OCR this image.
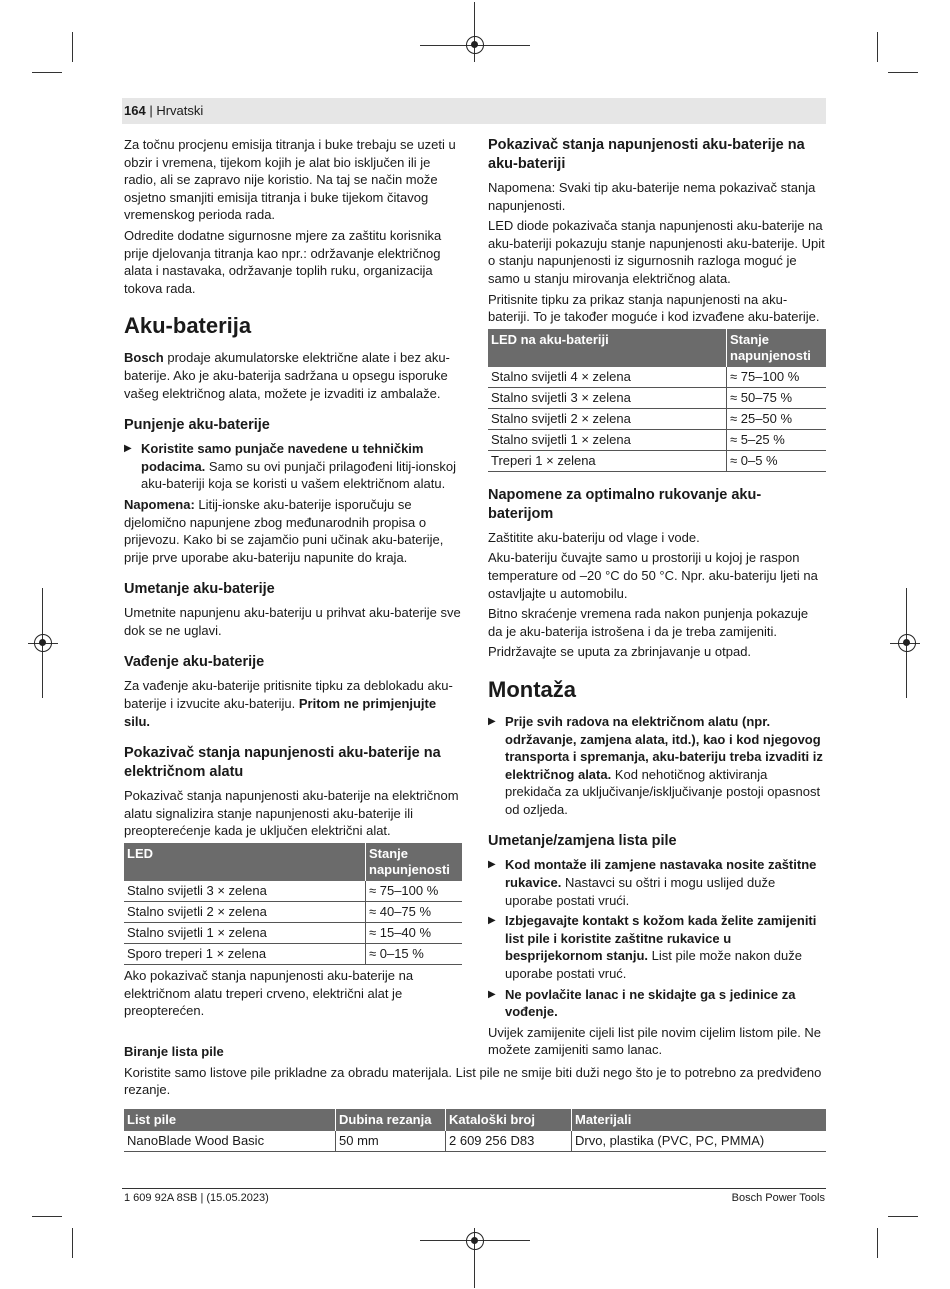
164 | Hrvatski

Za točnu procjenu emisija titranja i buke trebaju se uzeti u obzir i vremena, tijekom kojih je alat bio isključen ili je radio, ali se zapravo nije koristio. Na taj se način može osjetno smanjiti emisija titranja i buke tijekom čitavog vremenskog perioda rada.

Odredite dodatne sigurnosne mjere za zaštitu korisnika prije djelovanja titranja kao npr.: održavanje električnog alata i nastavaka, održavanje toplih ruku, organizacija tokova rada.

Aku-baterija

Bosch prodaje akumulatorske električne alate i bez aku-baterije. Ako je aku-baterija sadržana u opsegu isporuke vašeg električnog alata, možete je izvaditi iz ambalaže.

Punjenje aku-baterije

▶ Koristite samo punjače navedene u tehničkim podacima. Samo su ovi punjači prilagođeni litij-ionskoj aku-bateriji koja se koristi u vašem električnom alatu.

Napomena: Litij-ionske aku-baterije isporučuju se djelomično napunjene zbog međunarodnih propisa o prijevozu. Kako bi se zajamčio puni učinak aku-baterije, prije prve uporabe aku-bateriju napunite do kraja.

Umetanje aku-baterije

Umetnite napunjenu aku-bateriju u prihvat aku-baterije sve dok se ne uglavi.

Vađenje aku-baterije

Za vađenje aku-baterije pritisnite tipku za deblokadu aku-baterije i izvucite aku-bateriju. Pritom ne primjenjujte silu.

Pokazivač stanja napunjenosti aku-baterije na električnom alatu

Pokazivač stanja napunjenosti aku-baterije na električnom alatu signalizira stanje napunjenosti aku-baterije ili preopterećenje kada je uključen električni alat.

LED	Stanje napunjenosti
Stalno svijetli 3 × zelena	≈ 75–100 %
Stalno svijetli 2 × zelena	≈ 40–75 %
Stalno svijetli 1 × zelena	≈ 15–40 %
Sporo treperi 1 × zelena	≈ 0–15 %

Ako pokazivač stanja napunjenosti aku-baterije na električnom alatu treperi crveno, električni alat je preopterećen.

Pokazivač stanja napunjenosti aku-baterije na aku-bateriji

Napomena: Svaki tip aku-baterije nema pokazivač stanja napunjenosti.

LED diode pokazivača stanja napunjenosti aku-baterije na aku-bateriji pokazuju stanje napunjenosti aku-baterije. Upit o stanju napunjenosti iz sigurnosnih razloga moguć je samo u stanju mirovanja električnog alata.

Pritisnite tipku za prikaz stanja napunjenosti na aku-bateriji. To je također moguće i kod izvađene aku-baterije.

LED na aku-bateriji	Stanje napunjenosti
Stalno svijetli 4 × zelena	≈ 75–100 %
Stalno svijetli 3 × zelena	≈ 50–75 %
Stalno svijetli 2 × zelena	≈ 25–50 %
Stalno svijetli 1 × zelena	≈ 5–25 %
Treperi 1 × zelena	≈ 0–5 %
Napomene za optimalno rukovanje aku-baterijom

Zaštitite aku-bateriju od vlage i vode.

Aku-bateriju čuvajte samo u prostoriji u kojoj je raspon temperature od –20 °C do 50 °C. Npr. aku-bateriju ljeti na ostavljajte u automobilu.

Bitno skraćenje vremena rada nakon punjenja pokazuje da je aku-baterija istrošena i da je treba zamijeniti.

Pridržavajte se uputa za zbrinjavanje u otpad.

Montaža

▶ Prije svih radova na električnom alatu (npr. održavanje, zamjena alata, itd.), kao i kod njegovog transporta i spremanja, aku-bateriju treba izvaditi iz električnog alata. Kod nehotičnog aktiviranja prekidača za uključivanje/isključivanje postoji opasnost od ozljeda.

Umetanje/zamjena lista pile

▶ Kod montaže ili zamjene nastavaka nosite zaštitne rukavice. Nastavci su oštri i mogu uslijed duže uporabe postati vrući.

▶ Izbjegavajte kontakt s kožom kada želite zamijeniti list pile i koristite zaštitne rukavice u besprijekornom stanju. List pile može nakon duže uporabe postati vruć.

▶ Ne povlačite lanac i ne skidajte ga s jedinice za vođenje.

Uvijek zamijenite cijeli list pile novim cijelim listom pile. Ne možete zamijeniti samo lanac.

Biranje lista pile

Koristite samo listove pile prikladne za obradu materijala. List pile ne smije biti duži nego što je to potrebno za predviđeno rezanje.

List pile	Dubina rezanja	Kataloški broj	Materijali
NanoBlade Wood Basic	50 mm	2 609 256 D83	Drvo, plastika (PVC, PC, PMMA)
1 609 92A 8SB | (15.05.2023)	Bosch Power Tools
